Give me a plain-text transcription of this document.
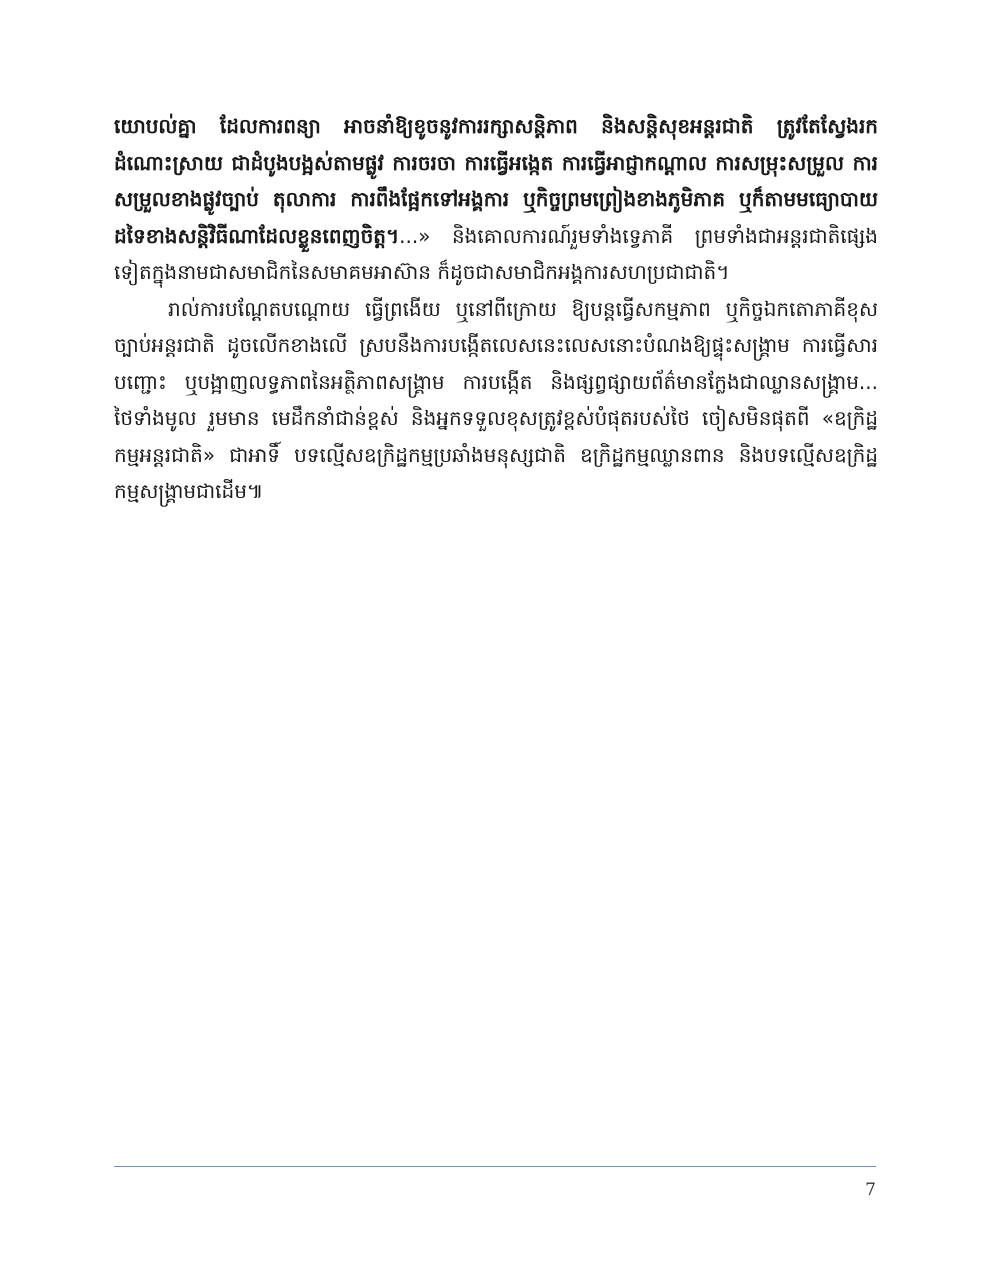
យោបល់គ្នា ដែលការពន្យា អាចនាំឱ្យខូចនូវការរក្សាសន្តិភាព និងសន្តិសុខអន្តរជាតិ ត្រូវតែស្វែងរក
ដំណោះស្រាយ ជាដំបូងបង្អស់តាមផ្លូវ ការចរចា ការធ្វើអង្កេត ការធ្វើអាជ្ញាកណ្តាល ការសម្រុះសម្រួល ការ
សម្រួលខាងផ្លូវច្បាប់ តុលាការ ការពឹងផ្អែកទៅអង្គការ ឬកិច្ចព្រមព្រៀងខាងភូមិភាគ ឬក៏តាមមធ្យោបាយ
ដទៃខាងសន្តិវិធីណាដែលខ្លួនពេញចិត្ត។...» និងគោលការណ៍រួមទាំងទ្វេភាគី ព្រមទាំងជាអន្តរជាតិផ្សេង
ទៀតក្នុងនាមជាសមាជិកនៃសមាគមអាស៊ាន ក៏ដូចជាសមាជិកអង្គការសហប្រជាជាតិ។
រាល់ការបណ្តែតបណ្តោយ ធ្វើព្រងើយ ឬនៅពីក្រោយ ឱ្យបន្តធ្វើសកម្មភាព ឬកិច្ចឯកតោភាគីខុស
ច្បាប់អន្តរជាតិ ដូចលើកខាងលើ ស្របនឹងការបង្កើតលេសនេះលេសនោះបំណងឱ្យផ្ទុះសង្គ្រាម ការធ្វើសារ
បញ្ជោះ ឬបង្អាញលទ្ធភាពនៃអត្ថិភាពសង្គ្រាម ការបង្កើត និងផ្សព្វផ្សាយព័ត៌មានក្លែងជាឈ្លានសង្គ្រាម...
ថៃទាំងមូល រួមមាន មេដឹកនាំជាន់ខ្ពស់ និងអ្នកទទួលខុសត្រូវខ្ពស់បំផុតរបស់ថៃ ចៀសមិនផុតពី «ឧក្រិដ្ឋ
កម្មអន្តរជាតិ» ជាអាទិ៍ បទល្មើសឧក្រិដ្ឋកម្មប្រឆាំងមនុស្សជាតិ ឧក្រិដ្ឋកម្មឈ្លានពាន និងបទល្មើសឧក្រិដ្ឋ
កម្មសង្គ្រាមជាដើម៕
7
